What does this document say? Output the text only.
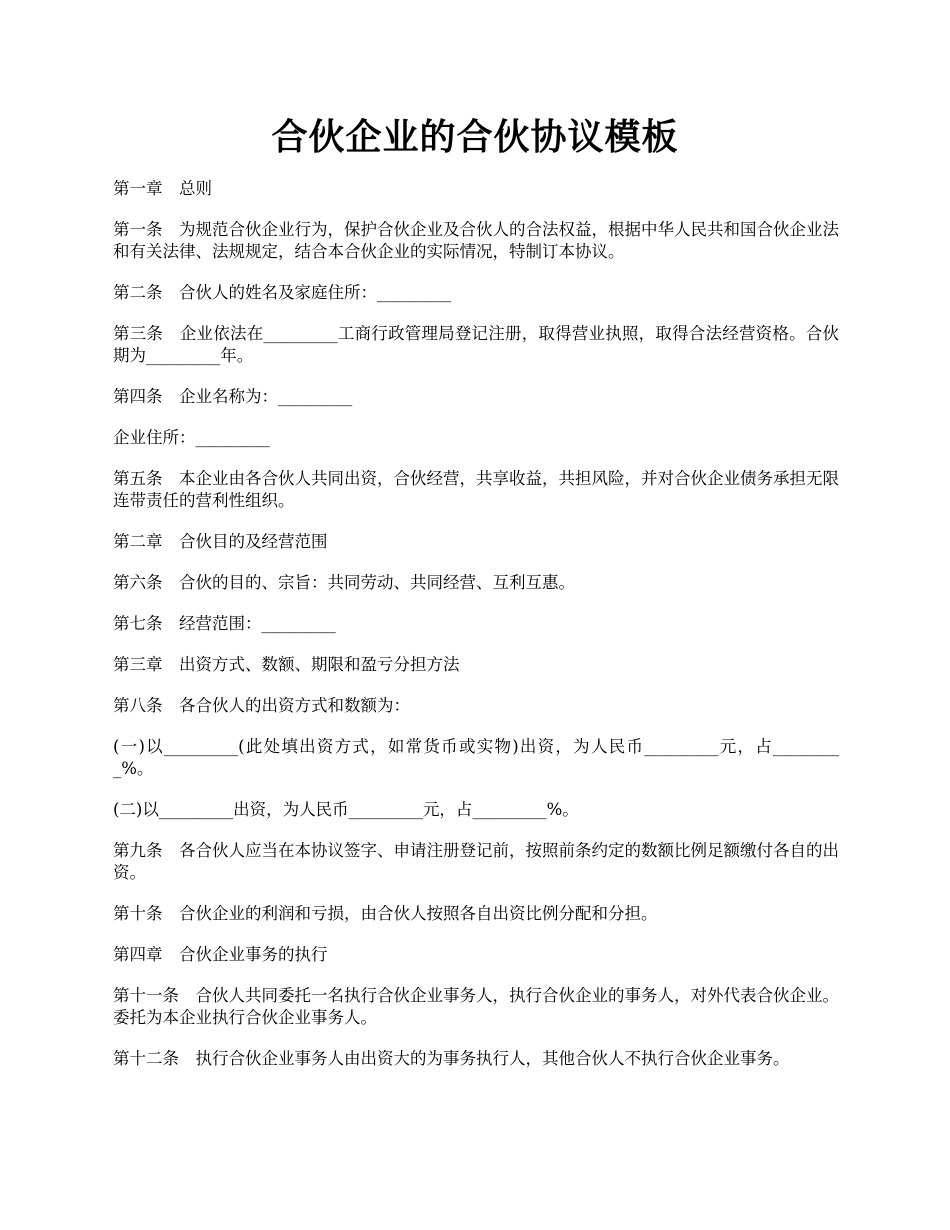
合伙企业的合伙协议模板

第一章　总则

第一条　为规范合伙企业行为，保护合伙企业及合伙人的合法权益，根据中华人民共和国合伙企业法和有关法律、法规规定，结合本合伙企业的实际情况，特制订本协议。

第二条　合伙人的姓名及家庭住所：_________

第三条　企业依法在_________工商行政管理局登记注册，取得营业执照，取得合法经营资格。合伙期为_________年。

第四条　企业名称为：_________

企业住所：_________

第五条　本企业由各合伙人共同出资，合伙经营，共享收益，共担风险，并对合伙企业债务承担无限连带责任的营利性组织。

第二章　合伙目的及经营范围

第六条　合伙的目的、宗旨：共同劳动、共同经营、互利互惠。

第七条　经营范围：_________

第三章　出资方式、数额、期限和盈亏分担方法

第八条　各合伙人的出资方式和数额为：

(一)以_________(此处填出资方式，如常货币或实物)出资，为人民币_________元，占_________%。

(二)以_________出资，为人民币_________元，占_________%。

第九条　各合伙人应当在本协议签字、申请注册登记前，按照前条约定的数额比例足额缴付各自的出资。

第十条　合伙企业的利润和亏损，由合伙人按照各自出资比例分配和分担。

第四章　合伙企业事务的执行

第十一条　合伙人共同委托一名执行合伙企业事务人，执行合伙企业的事务人，对外代表合伙企业。委托为本企业执行合伙企业事务人。

第十二条　执行合伙企业事务人由出资大的为事务执行人，其他合伙人不执行合伙企业事务。
